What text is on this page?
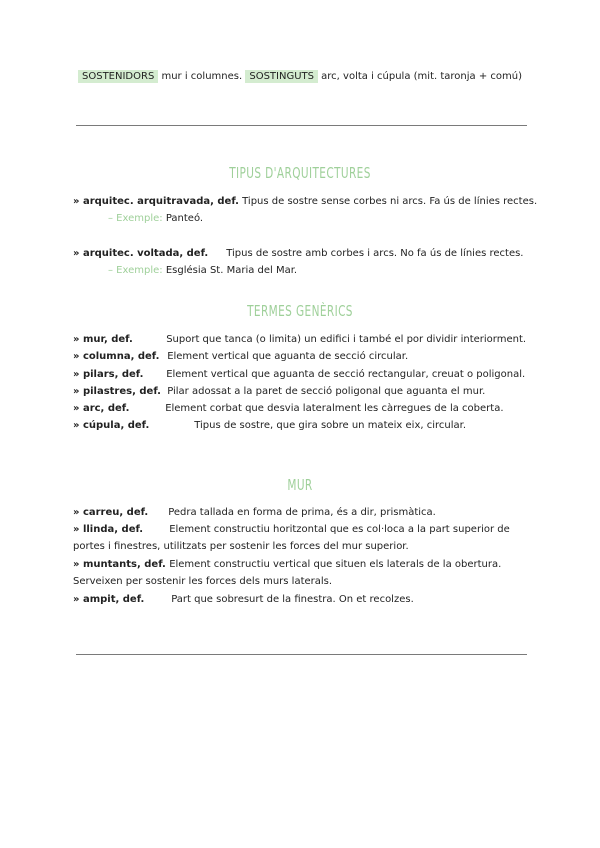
SOSTENIDORS mur i columnes. SOSTINGUTS arc, volta i cúpula (mit. taronja + comú)
TIPUS D'ARQUITECTURES
» arquitec. arquitravada, def. Tipus de sostre sense corbes ni arcs. Fa ús de línies rectes.
– Exemple: Panteó.
» arquitec. voltada, def. Tipus de sostre amb corbes i arcs. No fa ús de línies rectes.
– Exemple: Església St. Maria del Mar.
TERMES GENÈRICS
» mur, def.	Suport que tanca (o limita) un edifici i també el por dividir interiorment.
» columna, def. Element vertical que aguanta de secció circular.
» pilars, def. Element vertical que aguanta de secció rectangular, creuat o poligonal.
» pilastres, def. Pilar adossat a la paret de secció poligonal que aguanta el mur.
» arc, def.	Element corbat que desvia lateralment les càrregues de la coberta.
» cúpula, def.	Tipus de sostre, que gira sobre un mateix eix, circular.
MUR
» carreu, def. Pedra tallada en forma de prima, és a dir, prismàtica.
» llinda, def.	Element constructiu horitzontal que es col·loca a la part superior de
portes i finestres, utilitzats per sostenir les forces del mur superior.
» muntants, def. Element constructiu vertical que situen els laterals de la obertura.
Serveixen per sostenir les forces dels murs laterals.
» ampit, def.	Part que sobresurt de la finestra. On et recolzes.
